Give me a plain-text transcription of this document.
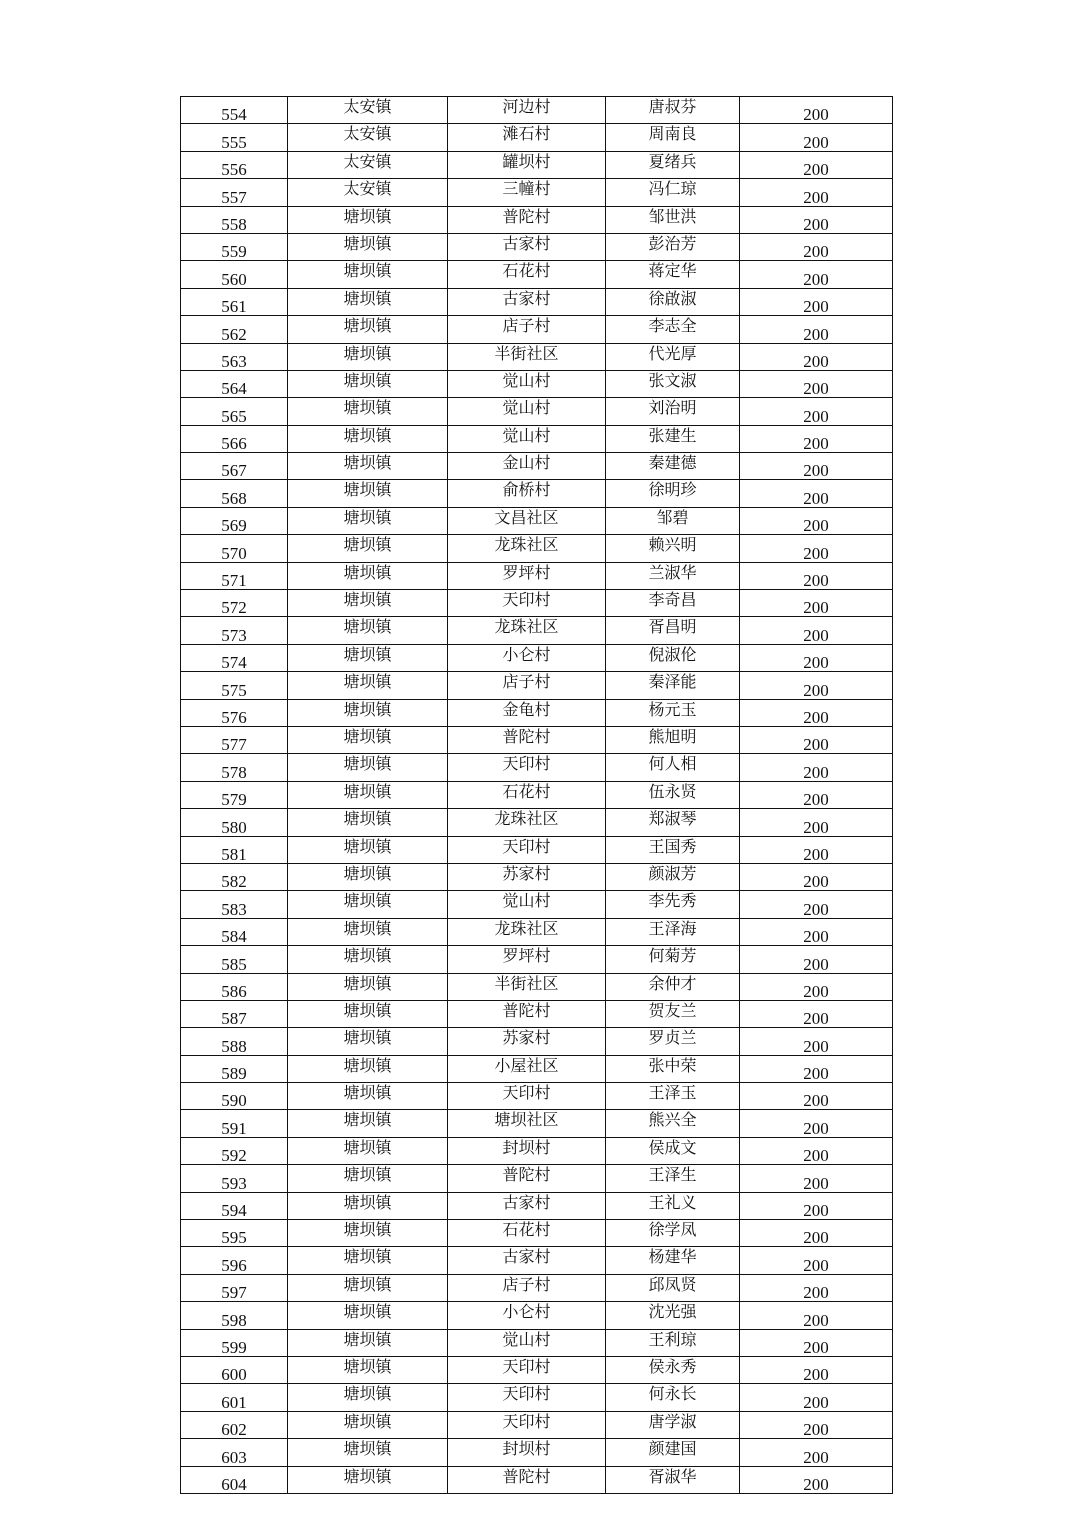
554	太安镇	河边村	唐叔芬	200
555	太安镇	滩石村	周南良	200
556	太安镇	罐坝村	夏绪兵	200
557	太安镇	三幢村	冯仁琼	200
558	塘坝镇	普陀村	邹世洪	200
559	塘坝镇	古家村	彭治芳	200
560	塘坝镇	石花村	蒋定华	200
561	塘坝镇	古家村	徐啟淑	200
562	塘坝镇	店子村	李志全	200
563	塘坝镇	半街社区	代光厚	200
564	塘坝镇	觉山村	张文淑	200
565	塘坝镇	觉山村	刘治明	200
566	塘坝镇	觉山村	张建生	200
567	塘坝镇	金山村	秦建德	200
568	塘坝镇	俞桥村	徐明珍	200
569	塘坝镇	文昌社区	邹碧	200
570	塘坝镇	龙珠社区	赖兴明	200
571	塘坝镇	罗坪村	兰淑华	200
572	塘坝镇	天印村	李奇昌	200
573	塘坝镇	龙珠社区	胥昌明	200
574	塘坝镇	小仑村	倪淑伦	200
575	塘坝镇	店子村	秦泽能	200
576	塘坝镇	金龟村	杨元玉	200
577	塘坝镇	普陀村	熊旭明	200
578	塘坝镇	天印村	何人相	200
579	塘坝镇	石花村	伍永贤	200
580	塘坝镇	龙珠社区	郑淑琴	200
581	塘坝镇	天印村	王国秀	200
582	塘坝镇	苏家村	颜淑芳	200
583	塘坝镇	觉山村	李先秀	200
584	塘坝镇	龙珠社区	王泽海	200
585	塘坝镇	罗坪村	何菊芳	200
586	塘坝镇	半街社区	余仲才	200
587	塘坝镇	普陀村	贺友兰	200
588	塘坝镇	苏家村	罗贞兰	200
589	塘坝镇	小屋社区	张中荣	200
590	塘坝镇	天印村	王泽玉	200
591	塘坝镇	塘坝社区	熊兴全	200
592	塘坝镇	封坝村	侯成文	200
593	塘坝镇	普陀村	王泽生	200
594	塘坝镇	古家村	王礼义	200
595	塘坝镇	石花村	徐学凤	200
596	塘坝镇	古家村	杨建华	200
597	塘坝镇	店子村	邱凤贤	200
598	塘坝镇	小仑村	沈光强	200
599	塘坝镇	觉山村	王利琼	200
600	塘坝镇	天印村	侯永秀	200
601	塘坝镇	天印村	何永长	200
602	塘坝镇	天印村	唐学淑	200
603	塘坝镇	封坝村	颜建国	200
604	塘坝镇	普陀村	胥淑华	200
